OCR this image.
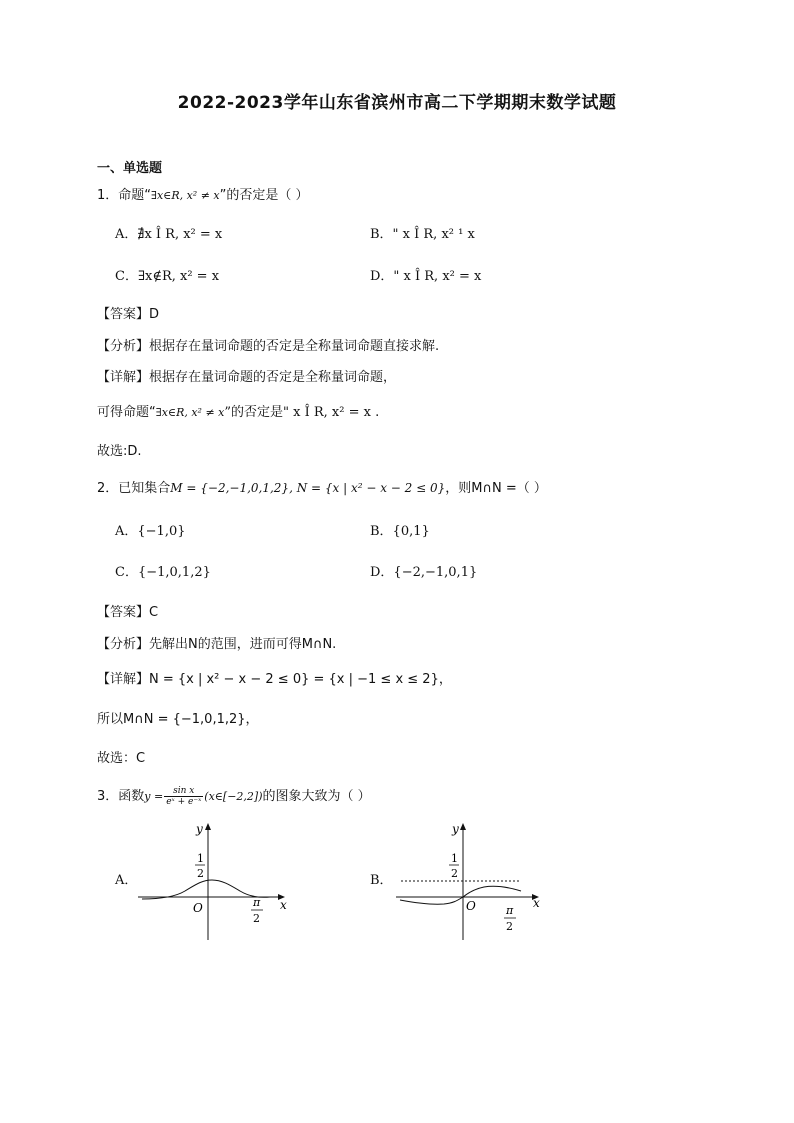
2022-2023学年山东省滨州市高二下学期期末数学试题
一、单选题
1．命题“∃x∈R, x² ≠ x”的否定是（ ）
A．∄x Î R, x² = x	B．" x Î R, x² ¹ x
C．∃x∉R, x² = x	D．" x Î R, x² = x
【答案】D
【分析】根据存在量词命题的否定是全称量词命题直接求解.
【详解】根据存在量词命题的否定是全称量词命题，
可得命题“∃x∈R, x² ≠ x”的否定是" x Î R, x² = x .
故选:D.
2．已知集合M = {−2,−1,0,1,2}, N = {x | x² − x − 2 ≤ 0}，则M∩N =（ ）
A．{−1,0}	B．{0,1}
C．{−1,0,1,2}	D．{−2,−1,0,1}
【答案】C
【分析】先解出N的范围，进而可得M∩N.
【详解】N = {x | x² − x − 2 ≤ 0} = {x | −1 ≤ x ≤ 2}，
所以M∩N = {−1,0,1,2}，
故选：C
3．函数$y = \frac{\text{sin x}}{\text{eˣ + e⁻ˣ}}$ (x∈[−2,2])的图象大致为（ ）
A．
y
x
O
1
2
π
2
B．
y
x
O
1
2
π
2
